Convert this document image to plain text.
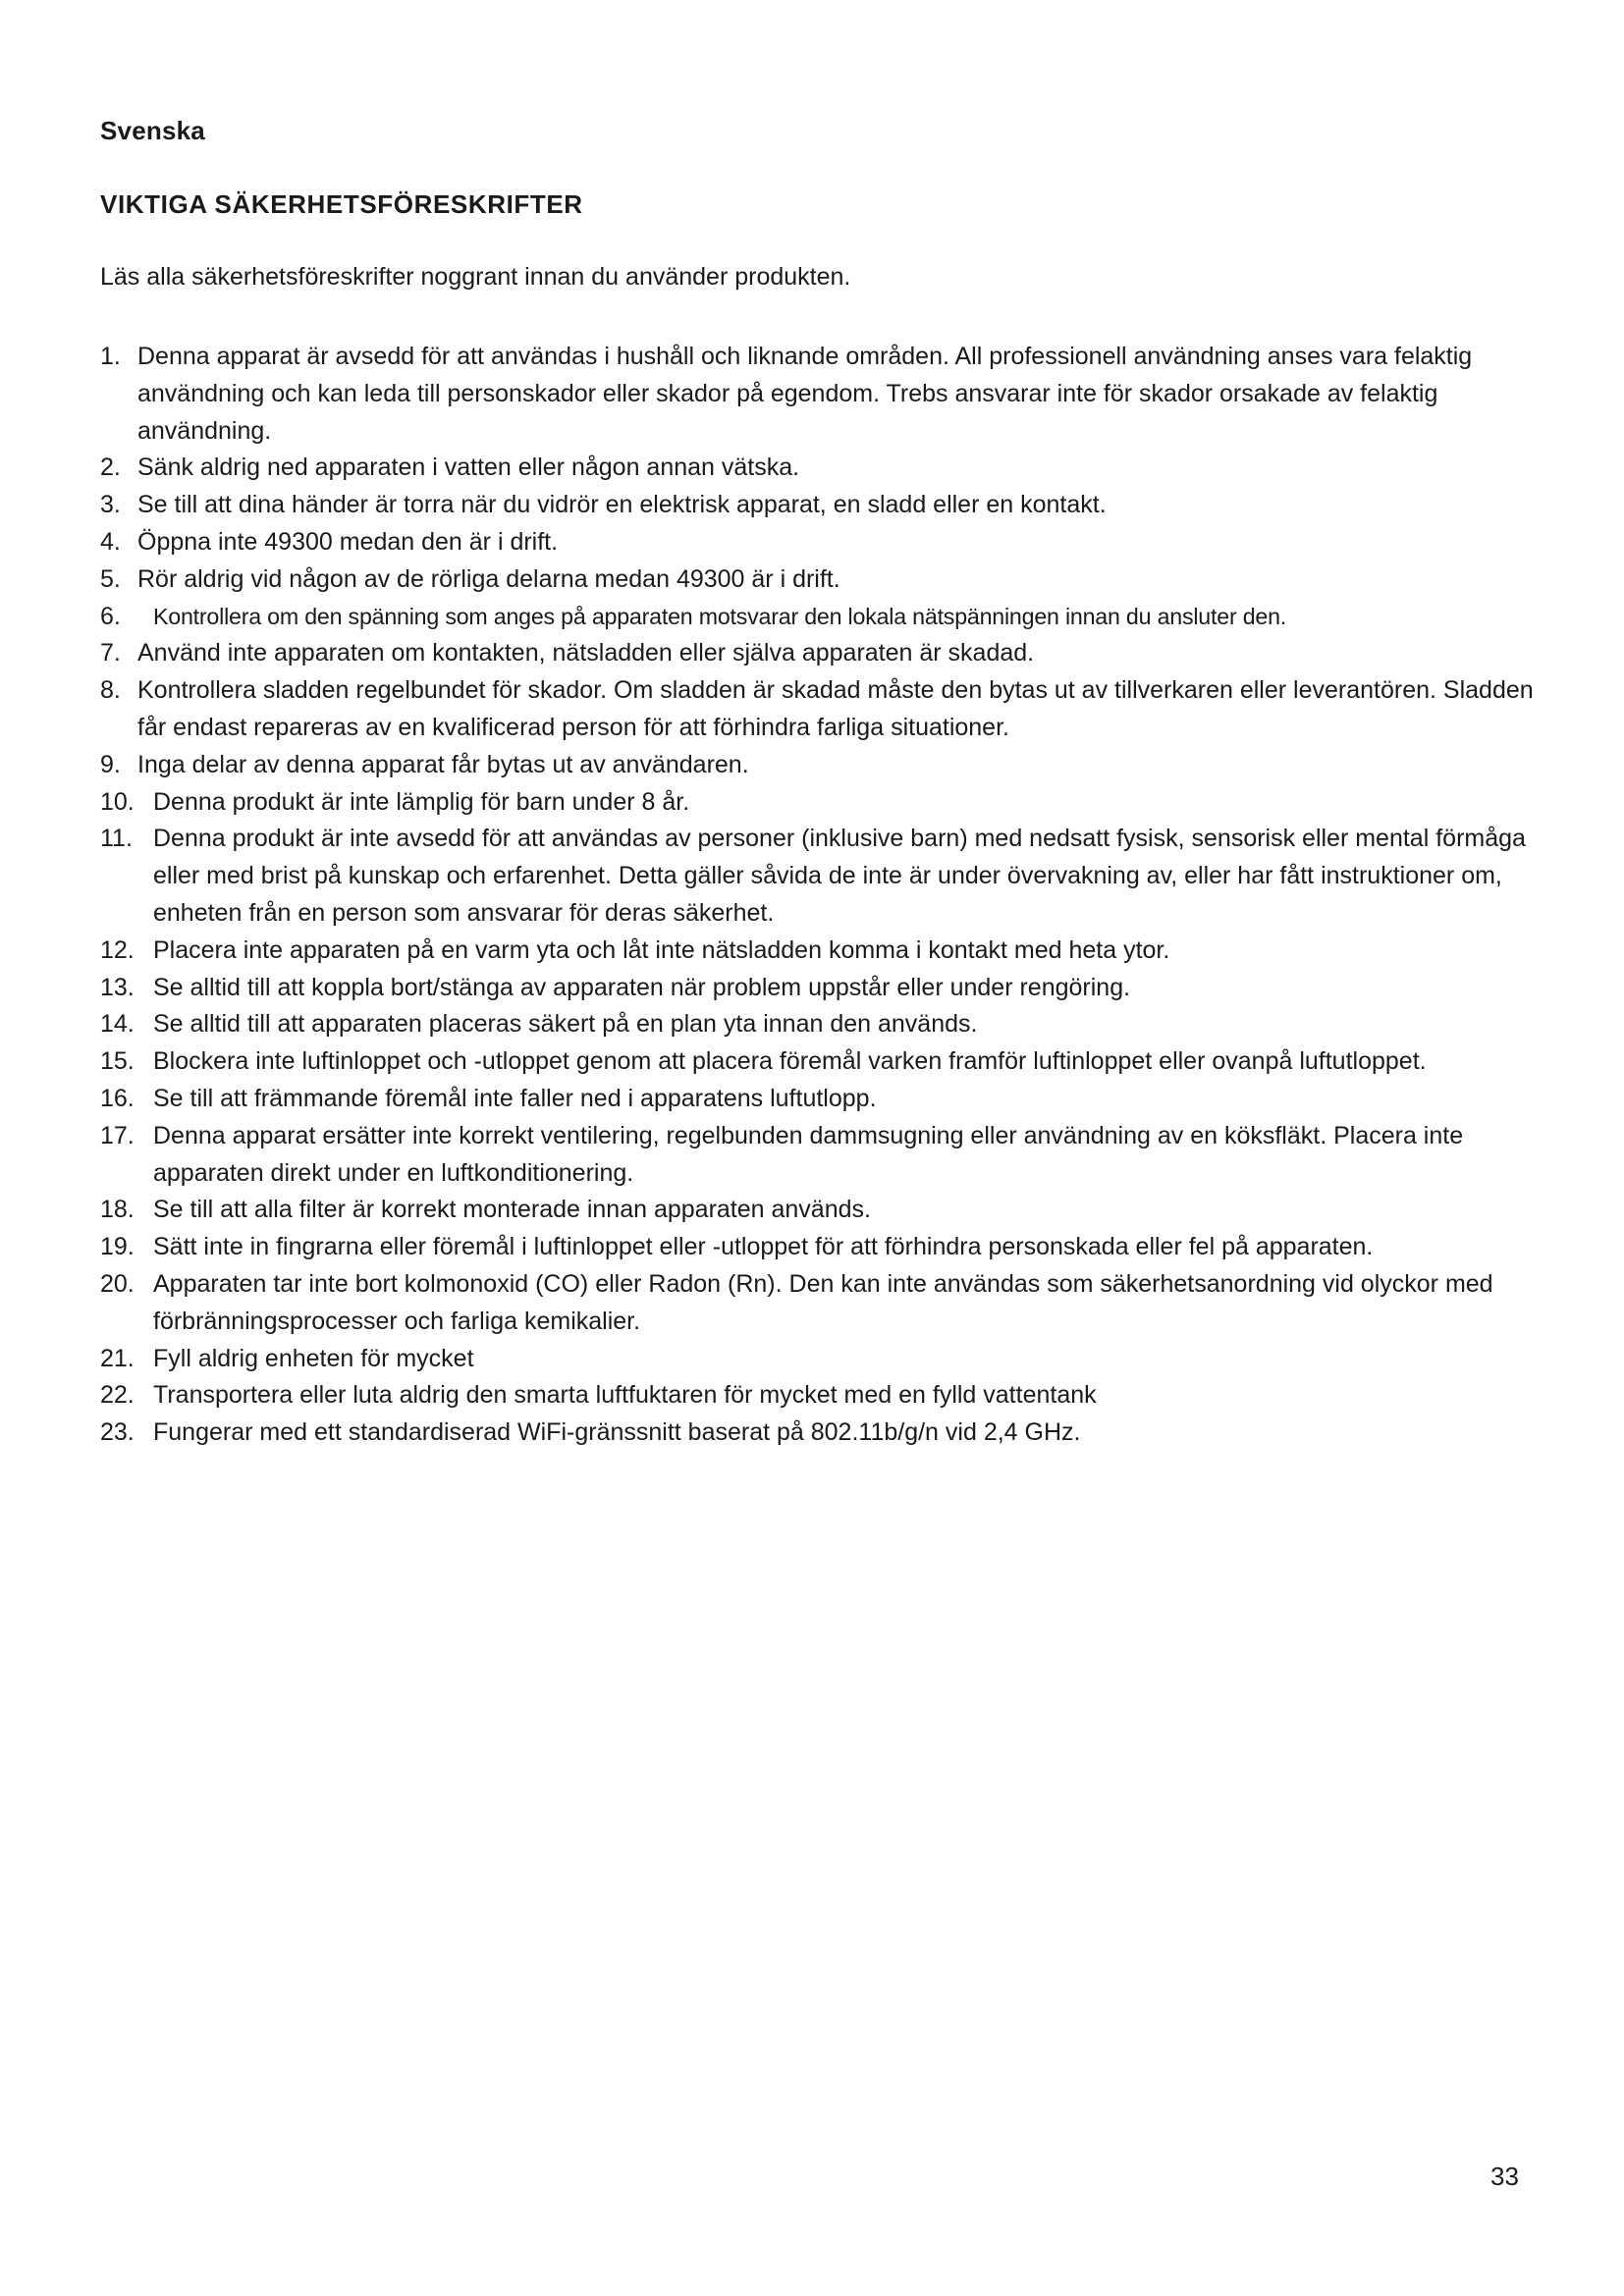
Svenska
VIKTIGA SÄKERHETSFÖRESKRIFTER
Läs alla säkerhetsföreskrifter noggrant innan du använder produkten.
1. Denna apparat är avsedd för att användas i hushåll och liknande områden. All professionell användning anses vara felaktig användning och kan leda till personskador eller skador på egendom. Trebs ansvarar inte för skador orsakade av felaktig användning.
2. Sänk aldrig ned apparaten i vatten eller någon annan vätska.
3. Se till att dina händer är torra när du vidrör en elektrisk apparat, en sladd eller en kontakt.
4. Öppna inte 49300 medan den är i drift.
5. Rör aldrig vid någon av de rörliga delarna medan 49300 är i drift.
6.	Kontrollera om den spänning som anges på apparaten motsvarar den lokala nätspänningen innan du ansluter den.
7. Använd inte apparaten om kontakten, nätsladden eller själva apparaten är skadad.
8. Kontrollera sladden regelbundet för skador. Om sladden är skadad måste den bytas ut av tillverkaren eller leverantören. Sladden får endast repareras av en kvalificerad person för att förhindra farliga situationer.
9. Inga delar av denna apparat får bytas ut av användaren.
10. Denna produkt är inte lämplig för barn under 8 år.
11. Denna produkt är inte avsedd för att användas av personer (inklusive barn) med nedsatt fysisk, sensorisk eller mental förmåga eller med brist på kunskap och erfarenhet. Detta gäller såvida de inte är under övervakning av, eller har fått instruktioner om, enheten från en person som ansvarar för deras säkerhet.
12. Placera inte apparaten på en varm yta och låt inte nätsladden komma i kontakt med heta ytor.
13. Se alltid till att koppla bort/stänga av apparaten när problem uppstår eller under rengöring.
14. Se alltid till att apparaten placeras säkert på en plan yta innan den används.
15. Blockera inte luftinloppet och -utloppet genom att placera föremål varken framför luftinloppet eller ovanpå luftutloppet.
16. Se till att främmande föremål inte faller ned i apparatens luftutlopp.
17. Denna apparat ersätter inte korrekt ventilering, regelbunden dammsugning eller användning av en köksfläkt. Placera inte apparaten direkt under en luftkonditionering.
18. Se till att alla filter är korrekt monterade innan apparaten används.
19. Sätt inte in fingrarna eller föremål i luftinloppet eller -utloppet för att förhindra personskada eller fel på apparaten.
20. Apparaten tar inte bort kolmonoxid (CO) eller Radon (Rn). Den kan inte användas som säkerhetsanordning vid olyckor med förbränningsprocesser och farliga kemikalier.
21. Fyll aldrig enheten för mycket
22. Transportera eller luta aldrig den smarta luftfuktaren för mycket med en fylld vattentank
23. Fungerar med ett standardiserad WiFi-gränssnitt baserat på 802.11b/g/n vid 2,4 GHz.
33
